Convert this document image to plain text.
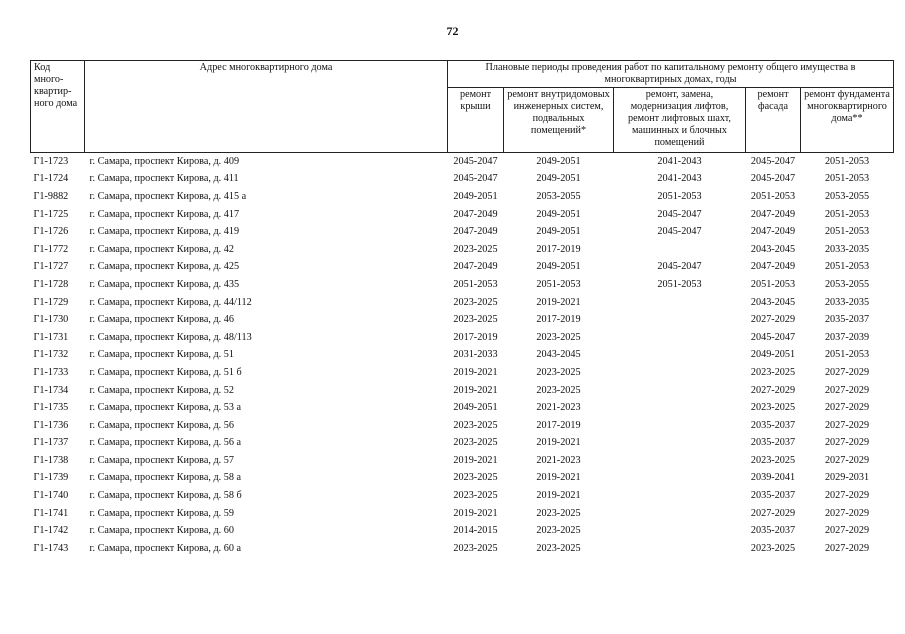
72
Код много-квартир-ного дома	Адрес многоквартирного дома	Плановые периоды проведения работ по капитальному ремонту общего имущества в многоквартирных домах, годы				
		ремонт крыши	ремонт внутридомовых инженерных систем, подвальных помещений*	ремонт, замена, модернизация лифтов, ремонт лифтовых шахт, машинных и блочных помещений	ремонт фасада	ремонт фундамента многоквартирного дома**
Г1-1723	г. Самара, проспект Кирова, д. 409	2045-2047	2049-2051	2041-2043	2045-2047	2051-2053
Г1-1724	г. Самара, проспект Кирова, д. 411	2045-2047	2049-2051	2041-2043	2045-2047	2051-2053
Г1-9882	г. Самара, проспект Кирова, д. 415 а	2049-2051	2053-2055	2051-2053	2051-2053	2053-2055
Г1-1725	г. Самара, проспект Кирова, д. 417	2047-2049	2049-2051	2045-2047	2047-2049	2051-2053
Г1-1726	г. Самара, проспект Кирова, д. 419	2047-2049	2049-2051	2045-2047	2047-2049	2051-2053
Г1-1772	г. Самара, проспект Кирова, д. 42	2023-2025	2017-2019		2043-2045	2033-2035
Г1-1727	г. Самара, проспект Кирова, д. 425	2047-2049	2049-2051	2045-2047	2047-2049	2051-2053
Г1-1728	г. Самара, проспект Кирова, д. 435	2051-2053	2051-2053	2051-2053	2051-2053	2053-2055
Г1-1729	г. Самара, проспект Кирова, д. 44/112	2023-2025	2019-2021		2043-2045	2033-2035
Г1-1730	г. Самара, проспект Кирова, д. 46	2023-2025	2017-2019		2027-2029	2035-2037
Г1-1731	г. Самара, проспект Кирова, д. 48/113	2017-2019	2023-2025		2045-2047	2037-2039
Г1-1732	г. Самара, проспект Кирова, д. 51	2031-2033	2043-2045		2049-2051	2051-2053
Г1-1733	г. Самара, проспект Кирова, д. 51 б	2019-2021	2023-2025		2023-2025	2027-2029
Г1-1734	г. Самара, проспект Кирова, д. 52	2019-2021	2023-2025		2027-2029	2027-2029
Г1-1735	г. Самара, проспект Кирова, д. 53 а	2049-2051	2021-2023		2023-2025	2027-2029
Г1-1736	г. Самара, проспект Кирова, д. 56	2023-2025	2017-2019		2035-2037	2027-2029
Г1-1737	г. Самара, проспект Кирова, д. 56 а	2023-2025	2019-2021		2035-2037	2027-2029
Г1-1738	г. Самара, проспект Кирова, д. 57	2019-2021	2021-2023		2023-2025	2027-2029
Г1-1739	г. Самара, проспект Кирова, д. 58 а	2023-2025	2019-2021		2039-2041	2029-2031
Г1-1740	г. Самара, проспект Кирова, д. 58 б	2023-2025	2019-2021		2035-2037	2027-2029
Г1-1741	г. Самара, проспект Кирова, д. 59	2019-2021	2023-2025		2027-2029	2027-2029
Г1-1742	г. Самара, проспект Кирова, д. 60	2014-2015	2023-2025		2035-2037	2027-2029
Г1-1743	г. Самара, проспект Кирова, д. 60 а	2023-2025	2023-2025		2023-2025	2027-2029
